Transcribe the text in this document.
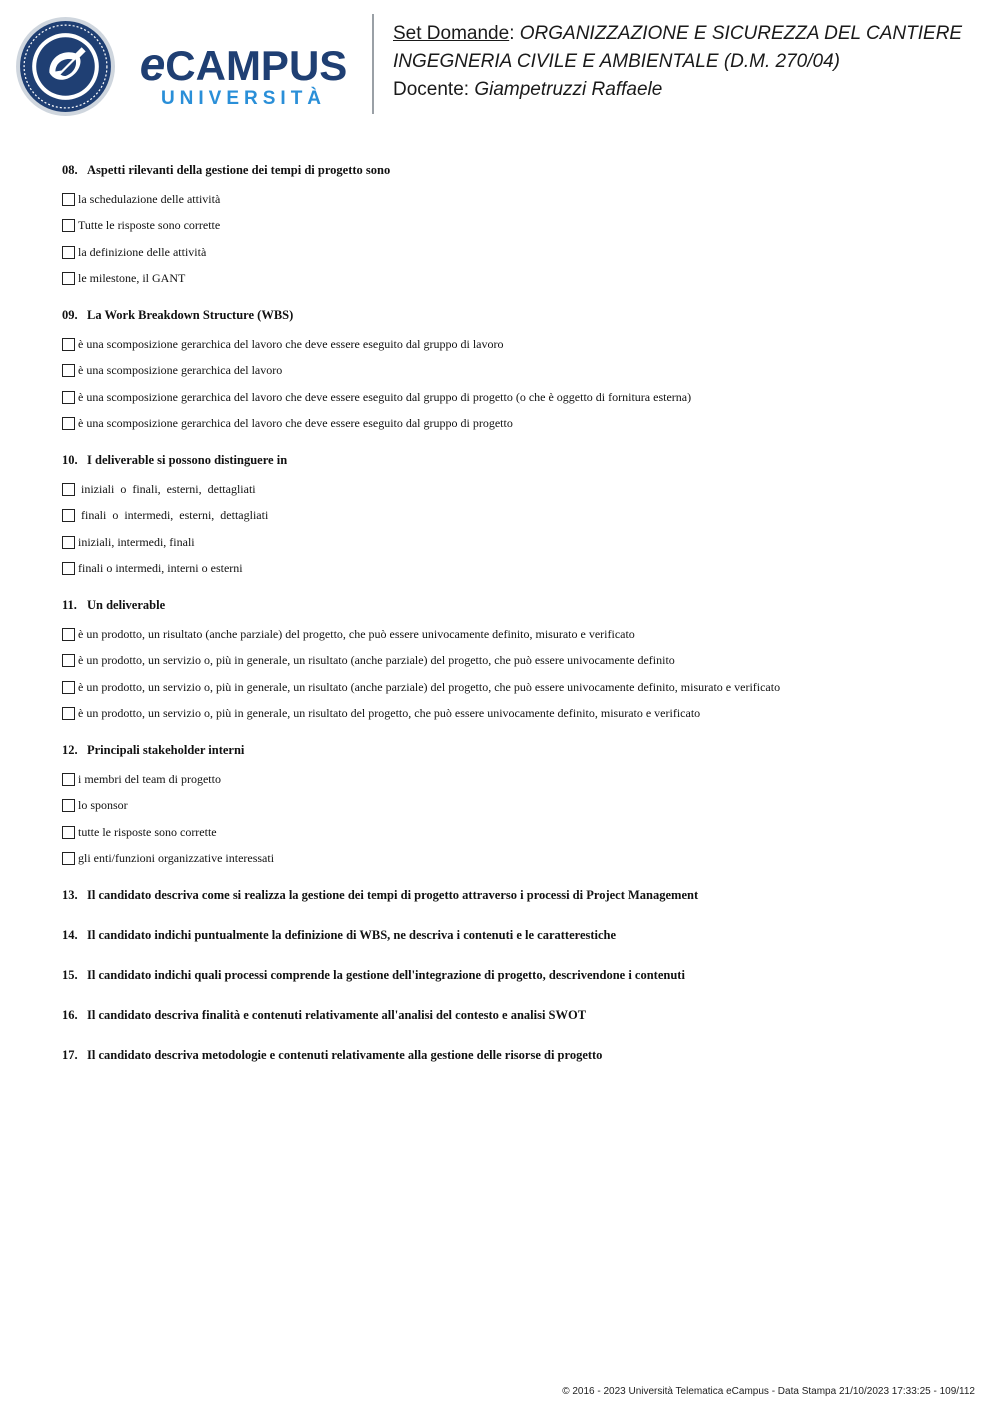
eCAMPUS
UNIVERSITÀ
Set Domande: ORGANIZZAZIONE E SICUREZZA DEL CANTIERE
INGEGNERIA CIVILE E AMBIENTALE (D.M. 270/04)
Docente: Giampetruzzi Raffaele
08. Aspetti rilevanti della gestione dei tempi di progetto sono
la schedulazione delle attività
Tutte le risposte sono corrette
la definizione delle attività
le milestone, il GANT
09. La Work Breakdown Structure (WBS)
è una scomposizione gerarchica del lavoro che deve essere eseguito dal gruppo di lavoro
è una scomposizione gerarchica del lavoro
è una scomposizione gerarchica del lavoro che deve essere eseguito dal gruppo di progetto (o che è oggetto di fornitura esterna)
è una scomposizione gerarchica del lavoro che deve essere eseguito dal gruppo di progetto
10. I deliverable si possono distinguere in
iniziali  o  finali,  esterni,  dettagliati
finali  o  intermedi,  esterni,  dettagliati
iniziali, intermedi, finali
finali o intermedi, interni o esterni
11. Un deliverable
è un prodotto, un risultato (anche parziale) del progetto, che può essere univocamente definito, misurato e verificato
è un prodotto, un servizio o, più in generale, un risultato (anche parziale) del progetto, che può essere univocamente definito
è un prodotto, un servizio o, più in generale, un risultato (anche parziale) del progetto, che può essere univocamente definito, misurato e verificato
è un prodotto, un servizio o, più in generale, un risultato del progetto, che può essere univocamente definito, misurato e verificato
12. Principali stakeholder interni
i membri del team di progetto
lo sponsor
tutte le risposte sono corrette
gli enti/funzioni organizzative interessati
13. Il candidato descriva come si realizza la gestione dei tempi di progetto attraverso i processi di Project Management
14. Il candidato indichi puntualmente la definizione di WBS, ne descriva i contenuti e le caratterestiche
15. Il candidato indichi quali processi comprende la gestione dell'integrazione di progetto, descrivendone i contenuti
16. Il candidato descriva finalità e contenuti relativamente all'analisi del contesto e analisi SWOT
17. Il candidato descriva metodologie e contenuti relativamente alla gestione delle risorse di progetto
© 2016 - 2023 Università Telematica eCampus - Data Stampa 21/10/2023 17:33:25 - 109/112
